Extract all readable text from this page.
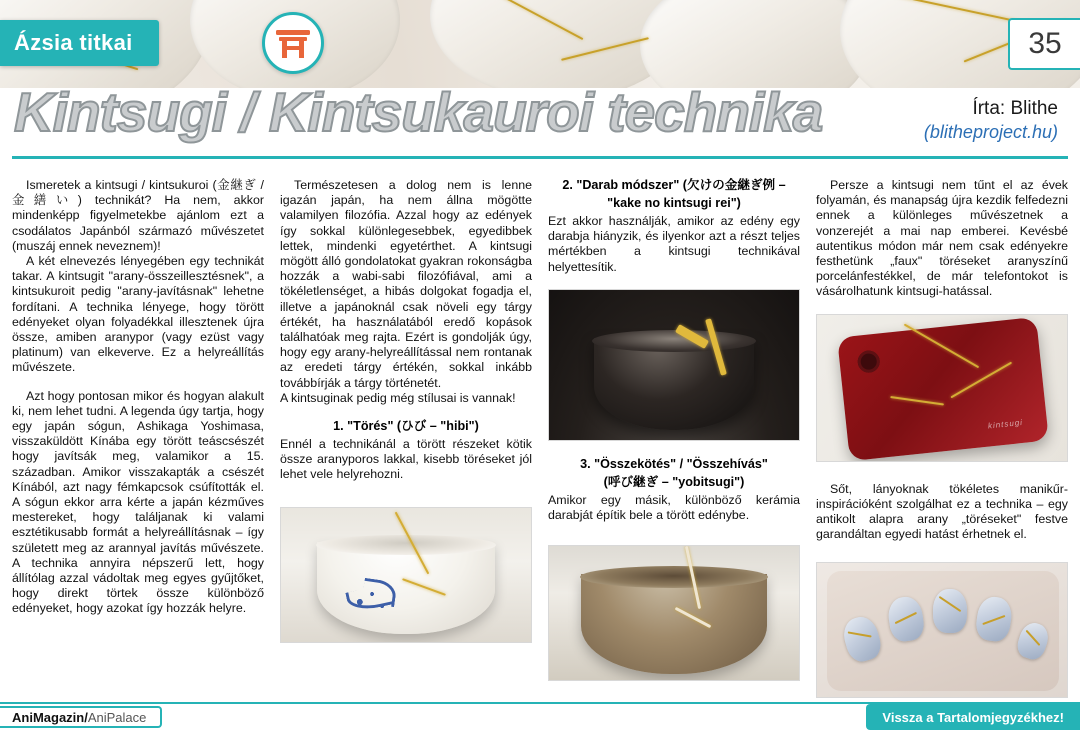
Ázsia titkai	35
Kintsugi / Kintsukauroi technika	Írta: Blithe
(blitheproject.hu)

Ismeretek a kintsugi / kintsukuroi (金継ぎ / 金繕い) technikát? Ha nem, akkor mindenképp figyelmetekbe ajánlom ezt a csodálatos Japánból származó művészetet (muszáj ennek neveznem)!

A két elnevezés lényegében egy technikát takar. A kintsugit "arany-összeillesztésnek", a kintsukuroit pedig "arany-javításnak" lehetne fordítani. A technika lényege, hogy törött edényeket olyan folyadékkal illesztenek újra össze, amiben aranypor (vagy ezüst vagy platinum) van elkeverve. Ez a helyreállítás művészete.

Azt hogy pontosan mikor és hogyan alakult ki, nem lehet tudni. A legenda úgy tartja, hogy egy japán sógun, Ashikaga Yoshimasa, visszaküldött Kínába egy törött teáscsészét hogy javítsák meg, valamikor a 15. században. Amikor visszakapták a csészét Kínából, azt nagy fémkapcsok csúfították el. A sógun ekkor arra kérte a japán kézműves mestereket, hogy találjanak ki valami esztétikusabb formát a helyreállításnak – így született meg az arannyal javítás művészete. A technika annyira népszerű lett, hogy állítólag azzal vádoltak meg egyes gyűjtőket, hogy direkt törtek össze különböző edényeket, hogy azokat így hozzák helyre.

Természetesen a dolog nem is lenne igazán japán, ha nem állna mögötte valamilyen filozófia. Azzal hogy az edények így sokkal különlegesebbek, egyedibbek lettek, mindenki egyetérthet. A kintsugi mögött álló gondolatokat gyakran rokonságba hozzák a wabi-sabi filozófiával, ami a tökéletlenséget, a hibás dolgokat fogadja el, illetve a japánoknál csak növeli egy tárgy értékét, ha használatából eredő kopások találhatóak meg rajta. Ezért is gondolják úgy, hogy egy arany-helyreállítással nem rontanak az eredeti tárgy értékén, sokkal inkább továbbírják a tárgy történetét.

A kintsuginak pedig még stílusai is vannak!

1. "Törés" (ひび – "hibi")

Ennél a technikánál a törött részeket kötik össze aranyporos lakkal, kisebb töréseket jól lehet vele helyrehozni.

2. "Darab módszer" (欠けの金継ぎ例 –
"kake no kintsugi rei")

Ezt akkor használják, amikor az edény egy darabja hiányzik, és ilyenkor azt a részt teljes mértékben a kintsugi technikával helyettesítik.

3. "Összekötés" / "Összehívás"
(呼び継ぎ – "yobitsugi")

Amikor egy másik, különböző kerámia darabját építik bele a törött edénybe.

Persze a kintsugi nem tűnt el az évek folyamán, és manapság újra kezdik felfedezni ennek a különleges művészetnek a vonzerejét a mai nap emberei. Kevésbé autentikus módon már nem csak edényekre festhetünk „faux" töréseket aranyszínű porcelánfestékkel, de már telefontokot is vásárolhatunk kintsugi-hatással.

kintsugi

Sőt, lányoknak tökéletes manikűr-inspirációként szolgálhat ez a technika – egy antikolt alapra arany „töréseket" festve garandáltan egyedi hatást érhetnek el.

AniMagazin/ AniPalace	Vissza a Tartalomjegyzékhez!
